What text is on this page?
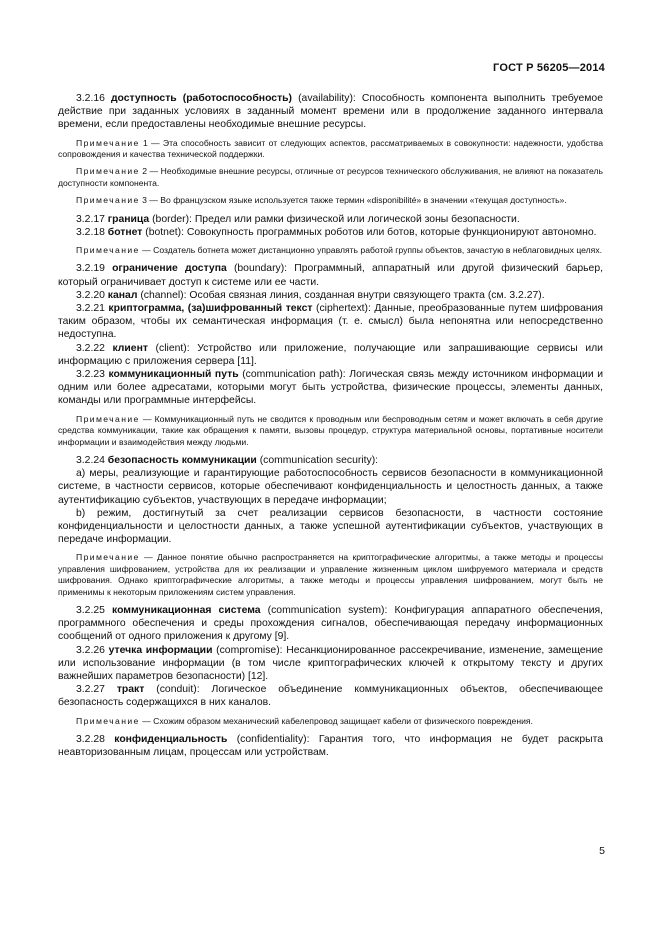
ГОСТ Р 56205—2014

3.2.16 доступность (работоспособность) (availability): Способность компонента выполнить требуемое действие при заданных условиях в заданный момент времени или в продолжение заданного интервала времени, если предоставлены необходимые внешние ресурсы.

Примечание 1 — Эта способность зависит от следующих аспектов, рассматриваемых в совокупности: надежности, удобства сопровождения и качества технической поддержки.

Примечание 2 — Необходимые внешние ресурсы, отличные от ресурсов технического обслуживания, не влияют на показатель доступности компонента.

Примечание 3 — Во французском языке используется также термин «disponibilité» в значении «текущая доступность».

3.2.17 граница (border): Предел или рамки физической или логической зоны безопасности.

3.2.18 ботнет (botnet): Совокупность программных роботов или ботов, которые функционируют автономно.

Примечание — Создатель ботнета может дистанционно управлять работой группы объектов, зачастую в неблаговидных целях.

3.2.19 ограничение доступа (boundary): Программный, аппаратный или другой физический барьер, который ограничивает доступ к системе или ее части.

3.2.20 канал (channel): Особая связная линия, созданная внутри связующего тракта (см. 3.2.27).

3.2.21 криптограмма, (за)шифрованный текст (ciphertext): Данные, преобразованные путем шифрования таким образом, чтобы их семантическая информация (т. е. смысл) была непонятна или непосредственно недоступна.

3.2.22 клиент (client): Устройство или приложение, получающие или запрашивающие сервисы или информацию с приложения сервера [11].

3.2.23 коммуникационный путь (communication path): Логическая связь между источником информации и одним или более адресатами, которыми могут быть устройства, физические процессы, элементы данных, команды или программные интерфейсы.

Примечание — Коммуникационный путь не сводится к проводным или беспроводным сетям и может включать в себя другие средства коммуникации, такие как обращения к памяти, вызовы процедур, структура материальной основы, портативные носители информации и взаимодействия между людьми.

3.2.24 безопасность коммуникации (communication security):

а) меры, реализующие и гарантирующие работоспособность сервисов безопасности в коммуникационной системе, в частности сервисов, которые обеспечивают конфиденциальность и целостность данных, а также аутентификацию субъектов, участвующих в передаче информации;

b) режим, достигнутый за счет реализации сервисов безопасности, в частности состояние конфиденциальности и целостности данных, а также успешной аутентификации субъектов, участвующих в передаче информации.

Примечание — Данное понятие обычно распространяется на криптографические алгоритмы, а также методы и процессы управления шифрованием, устройства для их реализации и управление жизненным циклом шифруемого материала и средств шифрования. Однако криптографические алгоритмы, а также методы и процессы управления шифрованием, могут быть не применимы к некоторым приложениям систем управления.

3.2.25 коммуникационная система (communication system): Конфигурация аппаратного обеспечения, программного обеспечения и среды прохождения сигналов, обеспечивающая передачу информационных сообщений от одного приложения к другому [9].

3.2.26 утечка информации (compromise): Несанкционированное рассекречивание, изменение, замещение или использование информации (в том числе криптографических ключей к открытому тексту и других важнейших параметров безопасности) [12].

3.2.27 тракт (conduit): Логическое объединение коммуникационных объектов, обеспечивающее безопасность содержащихся в них каналов.

Примечание — Схожим образом механический кабелепровод защищает кабели от физического повреждения.

3.2.28 конфиденциальность (confidentiality): Гарантия того, что информация не будет раскрыта неавторизованным лицам, процессам или устройствам.

5
